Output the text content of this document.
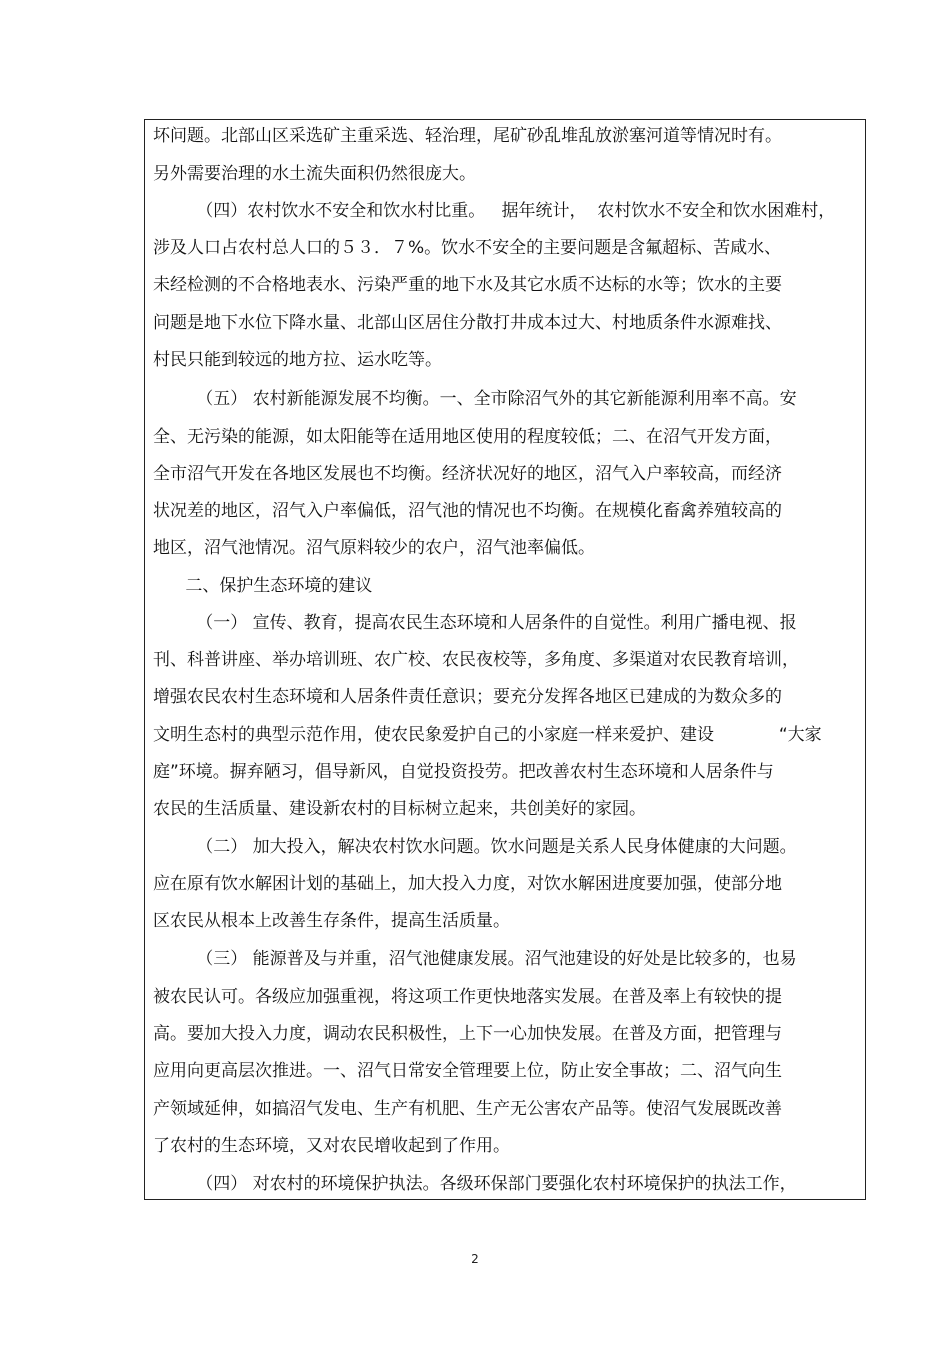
坏问题。北部山区采选矿主重采选、轻治理，尾矿砂乱堆乱放淤塞河道等情况时有。
另外需要治理的水土流失面积仍然很庞大。
（四）农村饮水不安全和饮水村比重。   据年统计，  农村饮水不安全和饮水困难村，
涉及人口占农村总人口的５３．７%。饮水不安全的主要问题是含氟超标、苦咸水、
未经检测的不合格地表水、污染严重的地下水及其它水质不达标的水等；饮水的主要
问题是地下水位下降水量、北部山区居住分散打井成本过大、村地质条件水源难找、
村民只能到较远的地方拉、运水吃等。
（五） 农村新能源发展不均衡。一、全市除沼气外的其它新能源利用率不高。安
全、无污染的能源，如太阳能等在适用地区使用的程度较低；二、在沼气开发方面，
全市沼气开发在各地区发展也不均衡。经济状况好的地区，沼气入户率较高，而经济
状况差的地区，沼气入户率偏低，沼气池的情况也不均衡。在规模化畜禽养殖较高的
地区，沼气池情况。沼气原料较少的农户，沼气池率偏低。
二、保护生态环境的建议
（一） 宣传、教育，提高农民生态环境和人居条件的自觉性。利用广播电视、报
刊、科普讲座、举办培训班、农广校、农民夜校等，多角度、多渠道对农民教育培训，
增强农民农村生态环境和人居条件责任意识；要充分发挥各地区已建成的为数众多的
文明生态村的典型示范作用，使农民象爱护自己的小家庭一样来爱护、建设            “大家
庭”环境。摒弃陋习，倡导新风，自觉投资投劳。把改善农村生态环境和人居条件与
农民的生活质量、建设新农村的目标树立起来，共创美好的家园。
（二） 加大投入，解决农村饮水问题。饮水问题是关系人民身体健康的大问题。
应在原有饮水解困计划的基础上，加大投入力度，对饮水解困进度要加强，使部分地
区农民从根本上改善生存条件，提高生活质量。
（三） 能源普及与并重，沼气池健康发展。沼气池建设的好处是比较多的，也易
被农民认可。各级应加强重视，将这项工作更快地落实发展。在普及率上有较快的提
高。要加大投入力度，调动农民积极性，上下一心加快发展。在普及方面，把管理与
应用向更高层次推进。一、沼气日常安全管理要上位，防止安全事故；二、沼气向生
产领域延伸，如搞沼气发电、生产有机肥、生产无公害农产品等。使沼气发展既改善
了农村的生态环境，又对农民增收起到了作用。
（四） 对农村的环境保护执法。各级环保部门要强化农村环境保护的执法工作，
2
